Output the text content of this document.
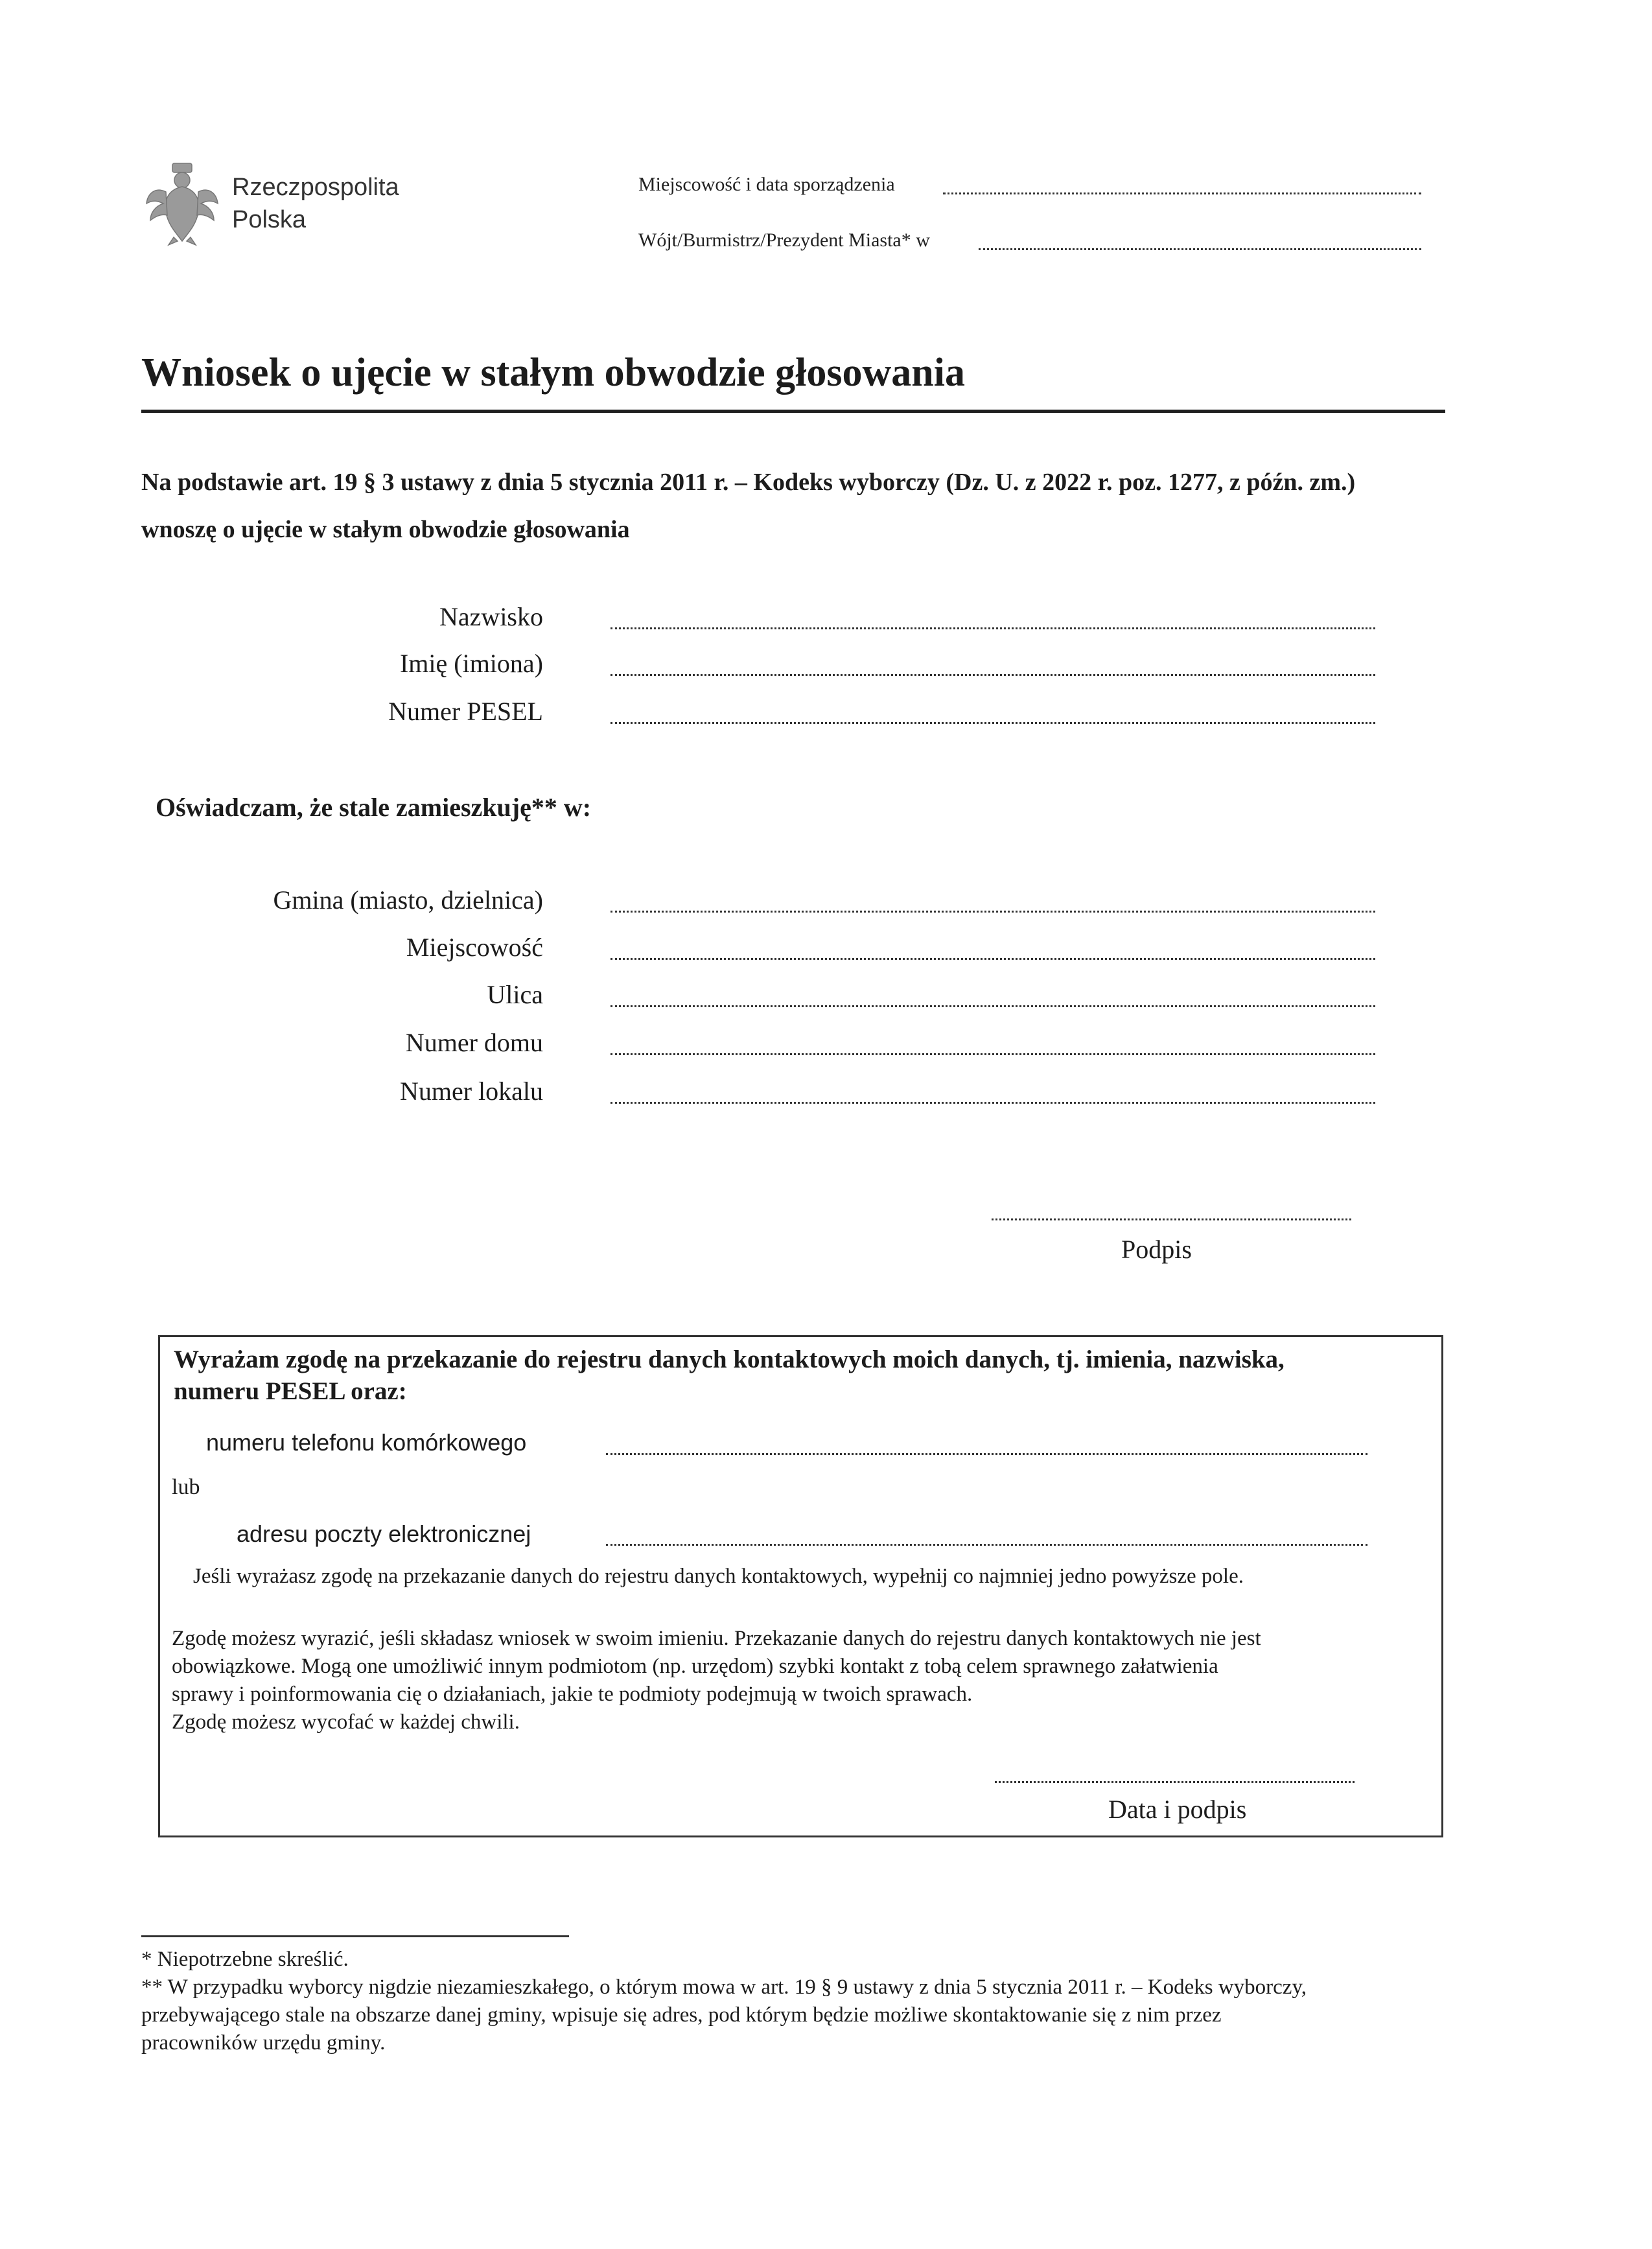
Rzeczpospolita
Polska
Miejscowość i data sporządzenia
Wójt/Burmistrz/Prezydent Miasta* w
Wniosek o ujęcie w stałym obwodzie głosowania
Na podstawie art. 19 § 3 ustawy z dnia 5 stycznia 2011 r. – Kodeks wyborczy (Dz. U. z 2022 r. poz. 1277, z późn. zm.)
wnoszę o ujęcie w stałym obwodzie głosowania
Nazwisko
Imię (imiona)
Numer PESEL
Oświadczam, że stale zamieszkuję** w:
Gmina (miasto, dzielnica)
Miejscowość
Ulica
Numer domu
Numer lokalu
Podpis
Wyrażam zgodę na przekazanie do rejestru danych kontaktowych moich danych, tj. imienia, nazwiska,
numeru PESEL oraz:
numeru telefonu komórkowego
lub
adresu poczty elektronicznej
Jeśli wyrażasz zgodę na przekazanie danych do rejestru danych kontaktowych, wypełnij co najmniej jedno powyższe pole.
Zgodę możesz wyrazić, jeśli składasz wniosek w swoim imieniu. Przekazanie danych do rejestru danych kontaktowych nie jest
obowiązkowe. Mogą one umożliwić innym podmiotom (np. urzędom) szybki kontakt z tobą celem sprawnego załatwienia
sprawy i poinformowania cię o działaniach, jakie te podmioty podejmują w twoich sprawach.
Zgodę możesz wycofać w każdej chwili.
Data i podpis
* Niepotrzebne skreślić.
** W przypadku wyborcy nigdzie niezamieszkałego, o którym mowa w art. 19 § 9 ustawy z dnia 5 stycznia 2011 r. – Kodeks wyborczy,
przebywającego stale na obszarze danej gminy, wpisuje się adres, pod którym będzie możliwe skontaktowanie się z nim przez
pracowników urzędu gminy.
